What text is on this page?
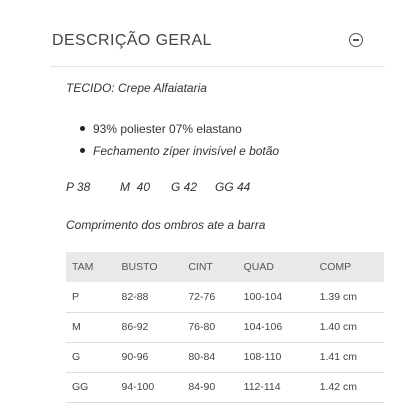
DESCRIÇÃO GERAL
TECIDO: Crepe Alfaiataria
93% poliester 07% elastano
Fechamento zíper invisível e botão
P 38	M  40	G 42	GG 44
Comprimento dos ombros ate a barra
TAM	BUSTO	CINT	QUAD	COMP
P	82-88	72-76	100-104	1.39 cm
M	86-92	76-80	104-106	1.40 cm
G	90-96	80-84	108-110	1.41 cm
GG	94-100	84-90	112-114	1.42 cm
